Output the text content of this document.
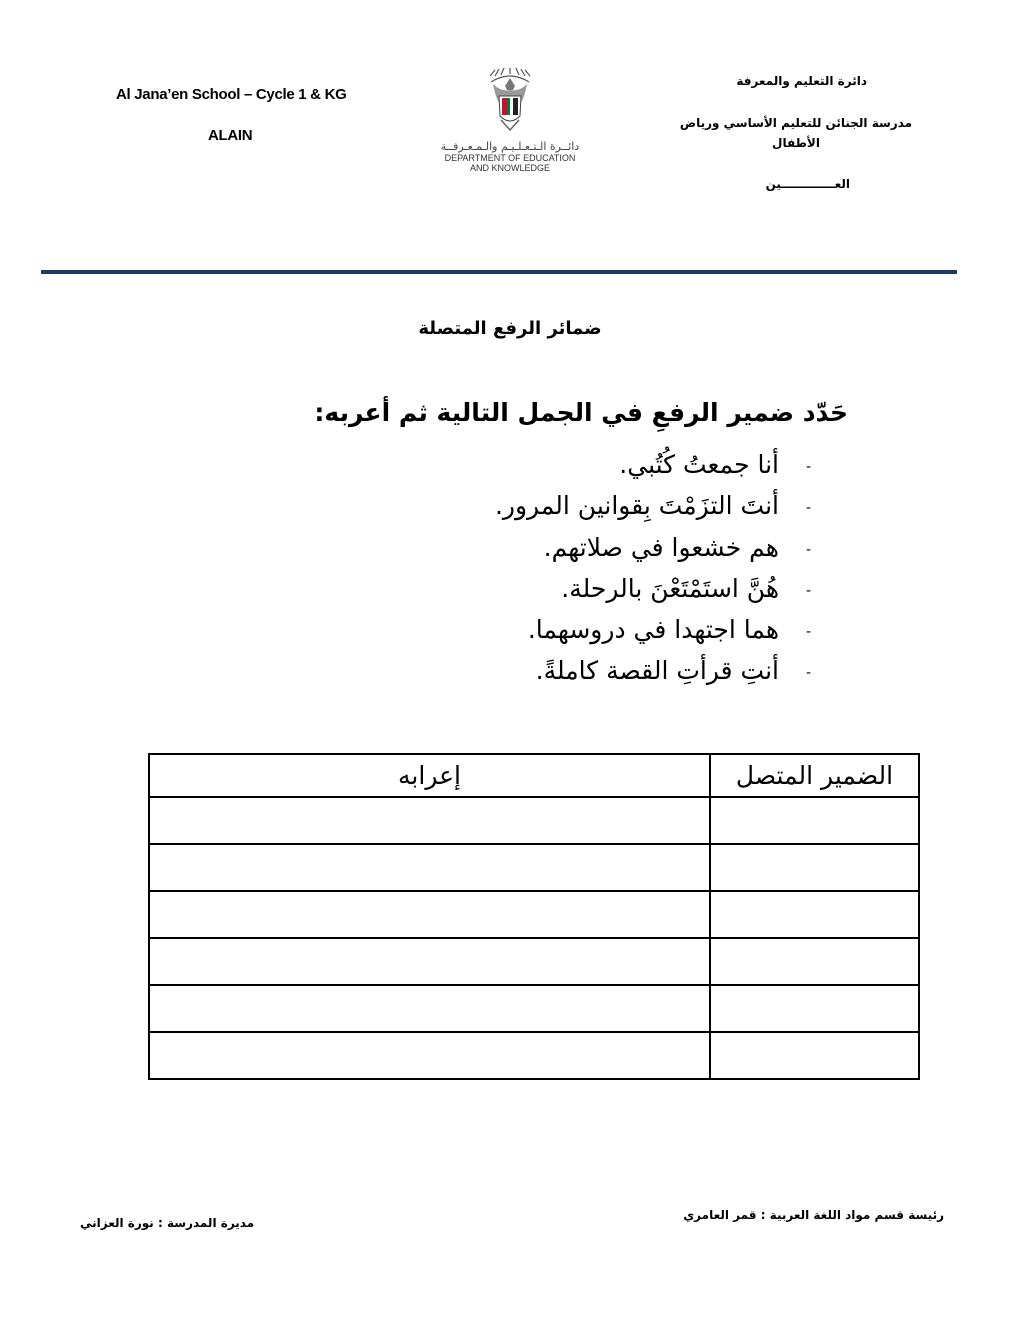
Al Jana’en School – Cycle 1 & KG
ALAIN
دائــرة الـتـعـلـيـم والـمـعـرفــة
DEPARTMENT OF EDUCATION
AND KNOWLEDGE
دائرة التعليم والمعرفة
مدرسة الجنائن للتعليم الأساسي ورياض الأطفال
العـــــــــــــين
ضمائر الرفع المتصلة
حَدّد ضمير الرفعِ في الجمل التالية ثم أعربه:
-
أنا جمعتُ كُتُبي.
-
أنتَ التزَمْتَ بِقوانين المرور.
-
هم خشعوا في صلاتهم.
-
هُنَّ استَمْتَعْنَ بالرحلة.
-
هما اجتهدا في دروسهما.
-
أنتِ قرأتِ القصة كاملةً.
الضمير المتصل	إعرابه

رئيسة قسم مواد اللغة العربية : قمر العامري
مديرة المدرسة : نورة العزاني
